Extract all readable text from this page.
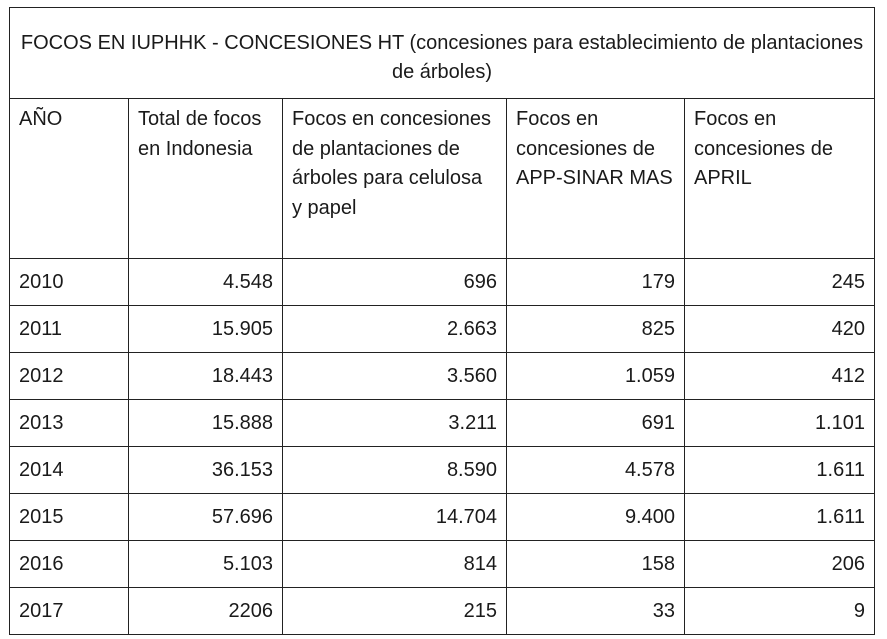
FOCOS EN IUPHHK - CONCESIONES HT (concesiones para establecimiento de plantaciones de árboles)				
AÑO	Total de focos en Indonesia	Focos en concesiones de plantaciones de árboles para celulosa y papel	Focos en concesiones de APP-SINAR MAS	Focos en concesiones de APRIL
2010	4.548	696	179	245
2011	15.905	2.663	825	420
2012	18.443	3.560	1.059	412
2013	15.888	3.211	691	1.101
2014	36.153	8.590	4.578	1.611
2015	57.696	14.704	9.400	1.611
2016	5.103	814	158	206
2017	2206	215	33	9
